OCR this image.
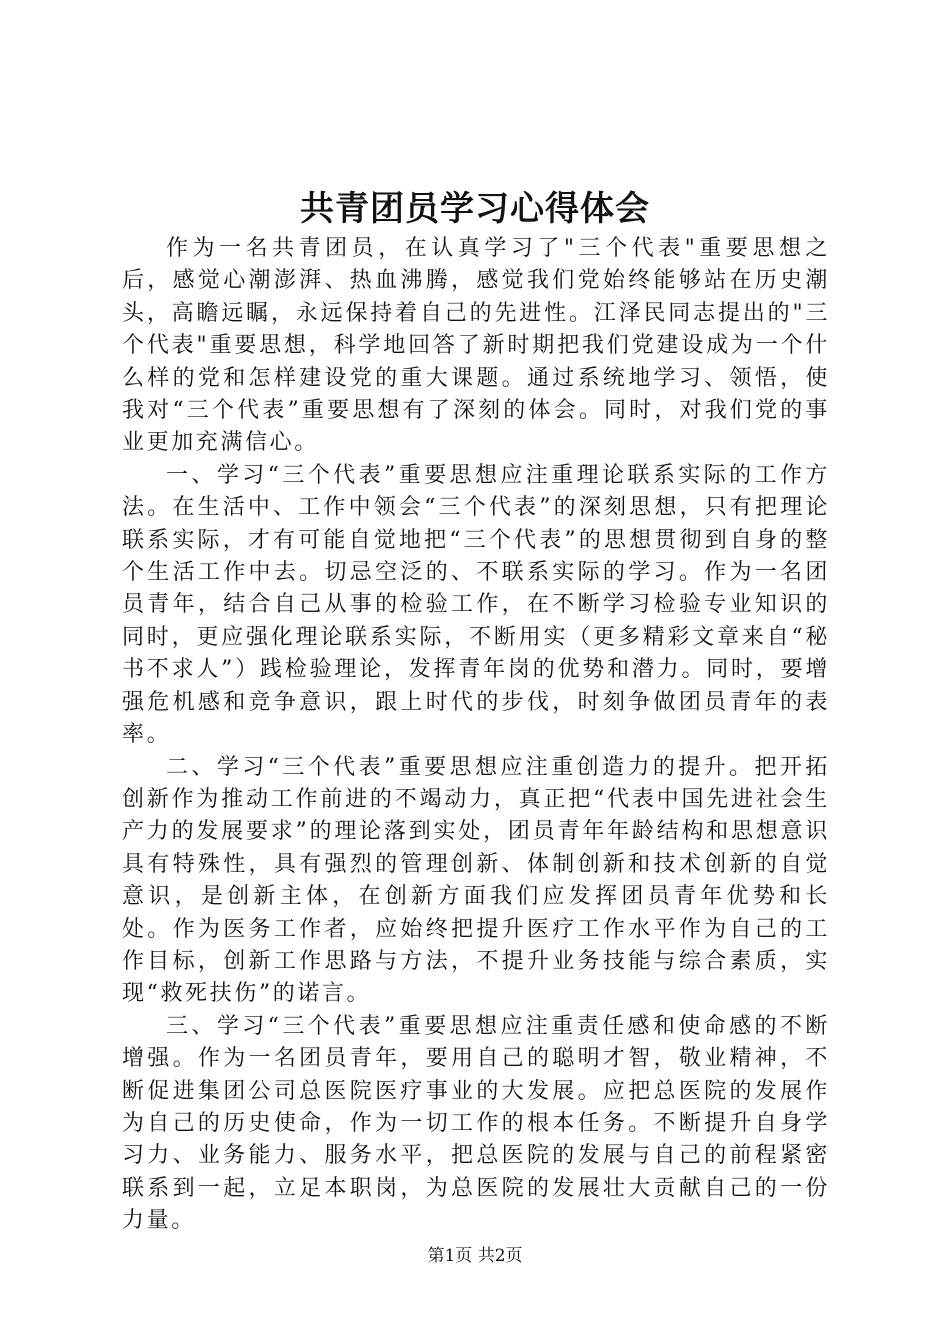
共青团员学习心得体会

作为一名共青团员，在认真学习了"三个代表"重要思想之后，感觉心潮澎湃、热血沸腾，感觉我们党始终能够站在历史潮头，高瞻远瞩，永远保持着自己的先进性。江泽民同志提出的"三个代表"重要思想，科学地回答了新时期把我们党建设成为一个什么样的党和怎样建设党的重大课题。通过系统地学习、领悟，使我对“三个代表”重要思想有了深刻的体会。同时，对我们党的事业更加充满信心。

一、学习“三个代表”重要思想应注重理论联系实际的工作方法。在生活中、工作中领会“三个代表”的深刻思想，只有把理论联系实际，才有可能自觉地把“三个代表”的思想贯彻到自身的整个生活工作中去。切忌空泛的、不联系实际的学习。作为一名团员青年，结合自己从事的检验工作，在不断学习检验专业知识的同时，更应强化理论联系实际，不断用实（更多精彩文章来自“秘书不求人”）践检验理论，发挥青年岗的优势和潜力。同时，要增强危机感和竞争意识，跟上时代的步伐，时刻争做团员青年的表率。

二、学习“三个代表”重要思想应注重创造力的提升。把开拓创新作为推动工作前进的不竭动力，真正把“代表中国先进社会生产力的发展要求”的理论落到实处，团员青年年龄结构和思想意识具有特殊性，具有强烈的管理创新、体制创新和技术创新的自觉意识，是创新主体，在创新方面我们应发挥团员青年优势和长处。作为医务工作者，应始终把提升医疗工作水平作为自己的工作目标，创新工作思路与方法，不提升业务技能与综合素质，实现“救死扶伤”的诺言。

三、学习“三个代表”重要思想应注重责任感和使命感的不断增强。作为一名团员青年，要用自己的聪明才智，敬业精神，不断促进集团公司总医院医疗事业的大发展。应把总医院的发展作为自己的历史使命，作为一切工作的根本任务。不断提升自身学习力、业务能力、服务水平，把总医院的发展与自己的前程紧密联系到一起，立足本职岗，为总医院的发展壮大贡献自己的一份力量。

第1页 共2页
